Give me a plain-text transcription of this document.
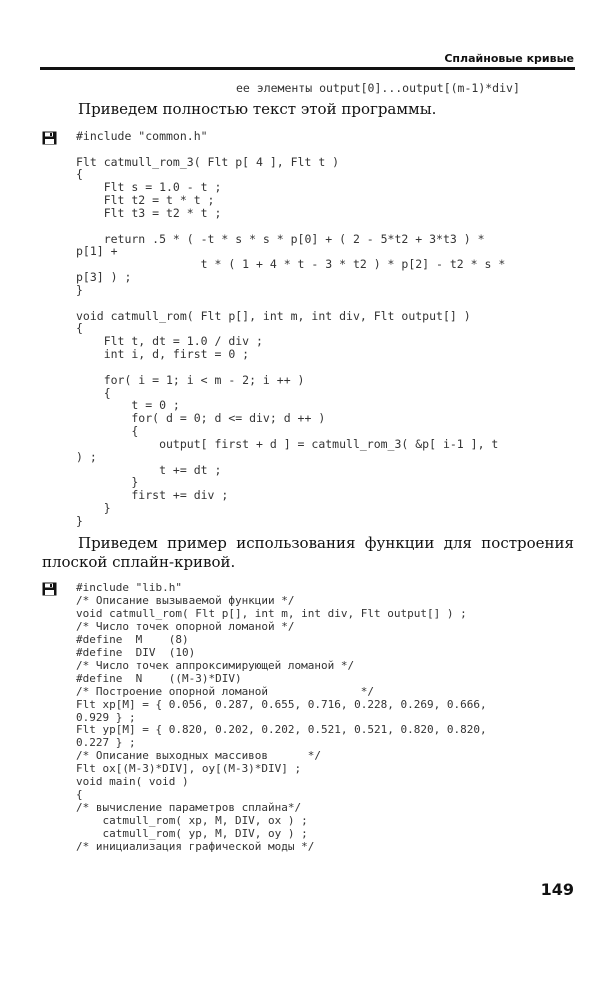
Сплайновые кривые
ee элементы output[0]...output[(m-1)*div]

Приведем полностью текст этой программы.

#include "common.h"

Flt catmull_rom_3( Flt p[ 4 ], Flt t )
{
Flt s = 1.0 - t ;
Flt t2 = t * t ;
Flt t3 = t2 * t ;

return .5 * ( -t * s * s * p[0] + ( 2 - 5*t2 + 3*t3 ) *
p[1] +
t * ( 1 + 4 * t - 3 * t2 ) * p[2] - t2 * s *
p[3] ) ;
}

void catmull_rom( Flt p[], int m, int div, Flt output[] )
{
Flt t, dt = 1.0 / div ;
int i, d, first = 0 ;

for( i = 1; i < m - 2; i ++ )
{
t = 0 ;
for( d = 0; d <= div; d ++ )
{
output[ first + d ] = catmull_rom_3( &p[ i-1 ], t
) ;
t += dt ;
}
first += div ;
}
}
Приведем пример использования функции для построения
плоской сплайн-кривой.
#include "lib.h"
/* Описание вызываемой функции */
void catmull_rom( Flt p[], int m, int div, Flt output[] ) ;
/* Число точек опорной ломаной */
#define  M    (8)
#define  DIV  (10)
/* Число точек аппроксимирующей ломаной */
#define  N    ((M-3)*DIV)
/* Построение опорной ломаной              */
Flt xp[M] = { 0.056, 0.287, 0.655, 0.716, 0.228, 0.269, 0.666,
0.929 } ;
Flt yp[M] = { 0.820, 0.202, 0.202, 0.521, 0.521, 0.820, 0.820,
0.227 } ;
/* Описание выходных массивов      */
Flt ox[(M-3)*DIV], oy[(M-3)*DIV] ;
void main( void )
{
/* вычисление параметров сплайна*/
catmull_rom( xp, M, DIV, ox ) ;
catmull_rom( yp, M, DIV, oy ) ;
/* инициализация графической моды */
149
